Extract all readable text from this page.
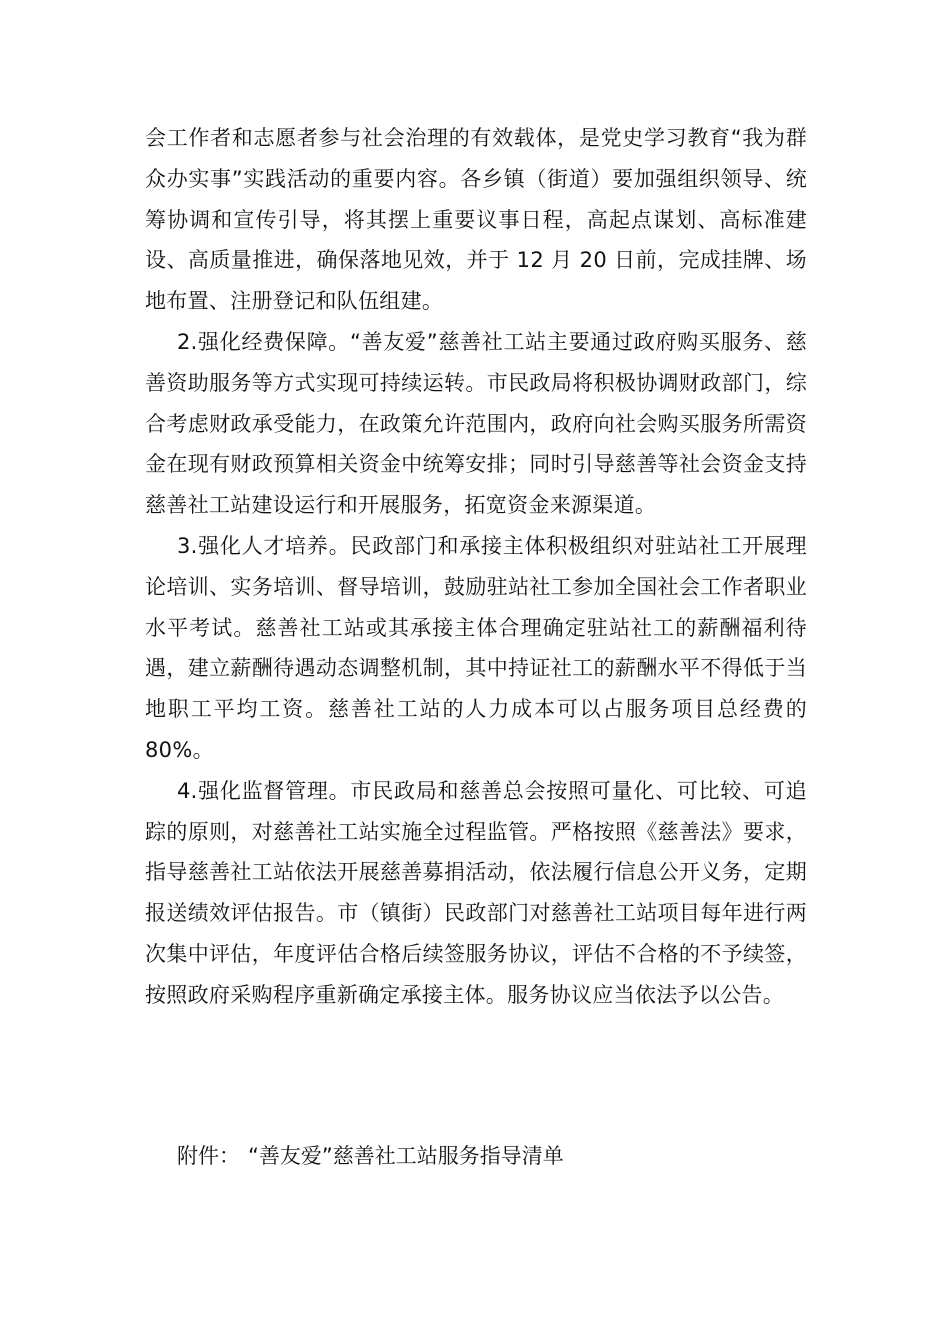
会工作者和志愿者参与社会治理的有效载体，是党史学习教育“我为群众办实事”实践活动的重要内容。各乡镇（街道）要加强组织领导、统筹协调和宣传引导，将其摆上重要议事日程，高起点谋划、高标准建设、高质量推进，确保落地见效，并于 12 月 20 日前，完成挂牌、场地布置、注册登记和队伍组建。

2.强化经费保障。“善友爱”慈善社工站主要通过政府购买服务、慈善资助服务等方式实现可持续运转。市民政局将积极协调财政部门，综合考虑财政承受能力，在政策允许范围内，政府向社会购买服务所需资金在现有财政预算相关资金中统筹安排；同时引导慈善等社会资金支持慈善社工站建设运行和开展服务，拓宽资金来源渠道。

3.强化人才培养。民政部门和承接主体积极组织对驻站社工开展理论培训、实务培训、督导培训，鼓励驻站社工参加全国社会工作者职业水平考试。慈善社工站或其承接主体合理确定驻站社工的薪酬福利待遇，建立薪酬待遇动态调整机制，其中持证社工的薪酬水平不得低于当地职工平均工资。慈善社工站的人力成本可以占服务项目总经费的 80%。

4.强化监督管理。市民政局和慈善总会按照可量化、可比较、可追踪的原则，对慈善社工站实施全过程监管。严格按照《慈善法》要求，指导慈善社工站依法开展慈善募捐活动，依法履行信息公开义务，定期报送绩效评估报告。市（镇街）民政部门对慈善社工站项目每年进行两次集中评估，年度评估合格后续签服务协议，评估不合格的不予续签，按照政府采购程序重新确定承接主体。服务协议应当依法予以公告。

附件： “善友爱”慈善社工站服务指导清单
